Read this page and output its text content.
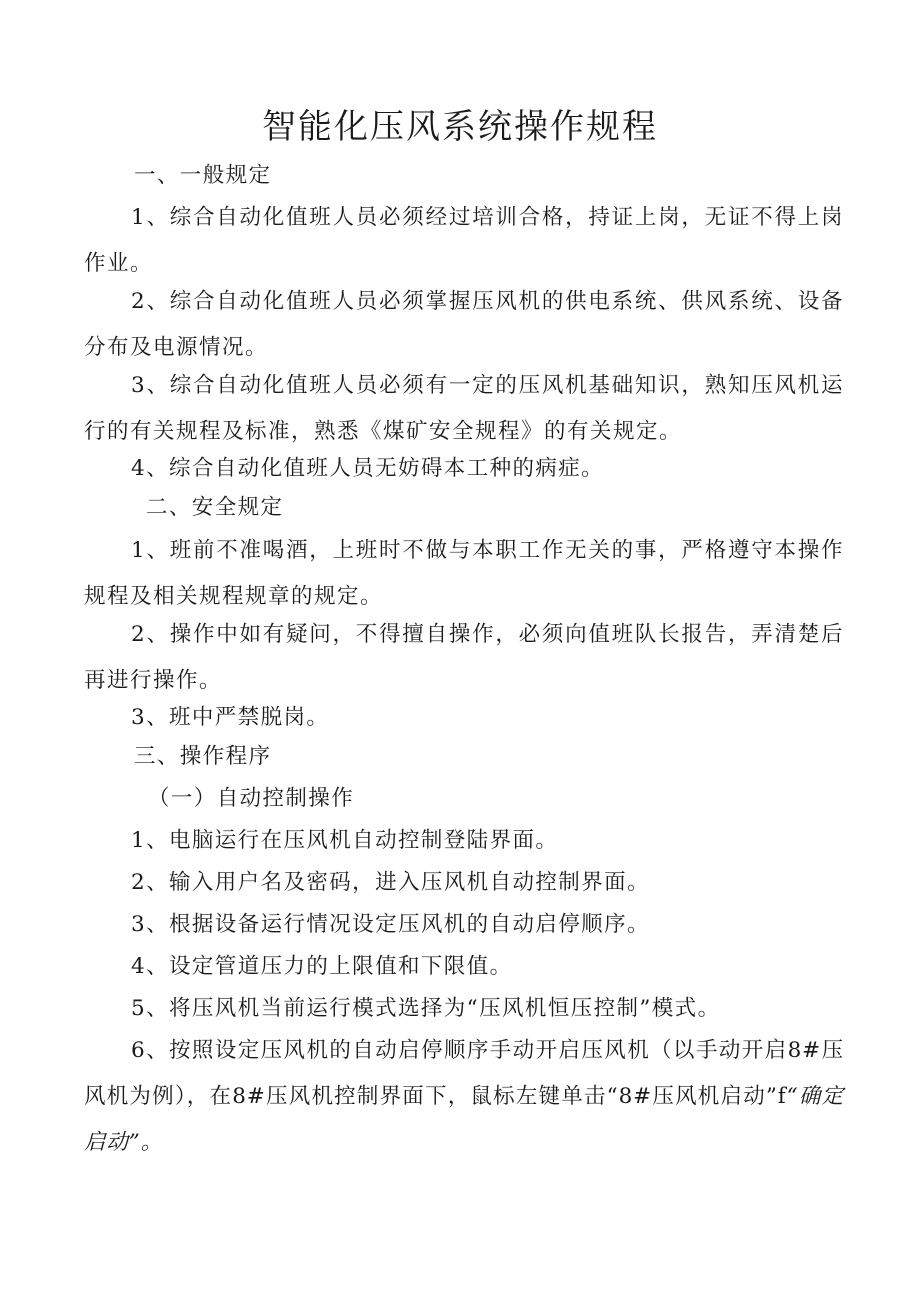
智能化压风系统操作规程

一、一般规定

1、综合自动化值班人员必须经过培训合格，持证上岗，无证不得上岗作业。

2、综合自动化值班人员必须掌握压风机的供电系统、供风系统、设备分布及电源情况。

3、综合自动化值班人员必须有一定的压风机基础知识，熟知压风机运行的有关规程及标准，熟悉《煤矿安全规程》的有关规定。

4、综合自动化值班人员无妨碍本工种的病症。

二、安全规定

1、班前不准喝酒，上班时不做与本职工作无关的事，严格遵守本操作规程及相关规程规章的规定。

2、操作中如有疑问，不得擅自操作，必须向值班队长报告，弄清楚后再进行操作。

3、班中严禁脱岗。

三、操作程序

（一）自动控制操作

1、电脑运行在压风机自动控制登陆界面。

2、输入用户名及密码，进入压风机自动控制界面。

3、根据设备运行情况设定压风机的自动启停顺序。

4、设定管道压力的上限值和下限值。

5、将压风机当前运行模式选择为“压风机恒压控制”模式。

6、按照设定压风机的自动启停顺序手动开启压风机（以手动开启8#压风机为例），在8#压风机控制界面下，鼠标左键单击“8#压风机启动”f“确定启动”。
